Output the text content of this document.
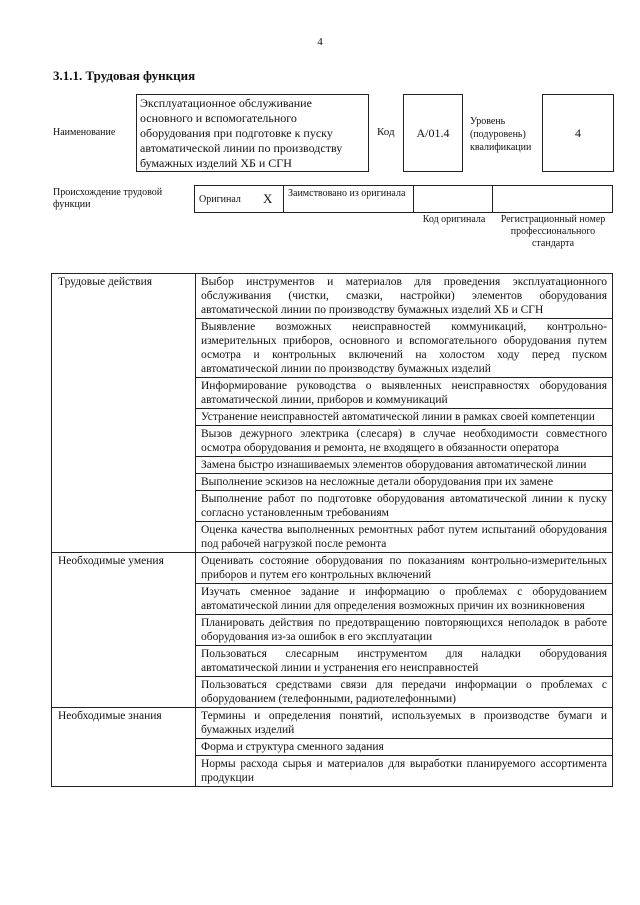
4
3.1.1. Трудовая функция
Наименование
Эксплуатационное обслуживание основного и вспомогательного оборудования при подготовке к пуску автоматической линии по производству бумажных изделий ХБ и СГН
Код А/01.4
Уровень (подуровень) квалификации
4
Происхождение трудовой функции	Оригинал X Заимствовано из оригинала
Код оригинала	Регистрационный номер профессионального стандарта
Трудовые действия	Выбор инструментов и материалов для проведения эксплуатационного обслуживания (чистки, смазки, настройки) элементов оборудования автоматической линии по производству бумажных изделий ХБ и СГН
	Выявление возможных неисправностей коммуникаций, контрольно-измерительных приборов, основного и вспомогательного оборудования путем осмотра и контрольных включений на холостом ходу перед пуском автоматической линии по производству бумажных изделий
	Информирование руководства о выявленных неисправностях оборудования автоматической линии, приборов и коммуникаций
	Устранение неисправностей автоматической линии в рамках своей компетенции
	Вызов дежурного электрика (слесаря) в случае необходимости совместного осмотра оборудования и ремонта, не входящего в обязанности оператора
	Замена быстро изнашиваемых элементов оборудования автоматической линии
	Выполнение эскизов на несложные детали оборудования при их замене
	Выполнение работ по подготовке оборудования автоматической линии к пуску согласно установленным требованиям
	Оценка качества выполненных ремонтных работ путем испытаний оборудования под рабочей нагрузкой после ремонта
Необходимые умения	Оценивать состояние оборудования по показаниям контрольно-измерительных приборов и путем его контрольных включений
	Изучать сменное задание и информацию о проблемах с оборудованием автоматической линии для определения возможных причин их возникновения
	Планировать действия по предотвращению повторяющихся неполадок в работе оборудования из-за ошибок в его эксплуатации
	Пользоваться слесарным инструментом для наладки оборудования автоматической линии и устранения его неисправностей
	Пользоваться средствами связи для передачи информации о проблемах с оборудованием (телефонными, радиотелефонными)
Необходимые знания	Термины и определения понятий, используемых в производстве бумаги и бумажных изделий
	Форма и структура сменного задания
	Нормы расхода сырья и материалов для выработки планируемого ассортимента продукции
